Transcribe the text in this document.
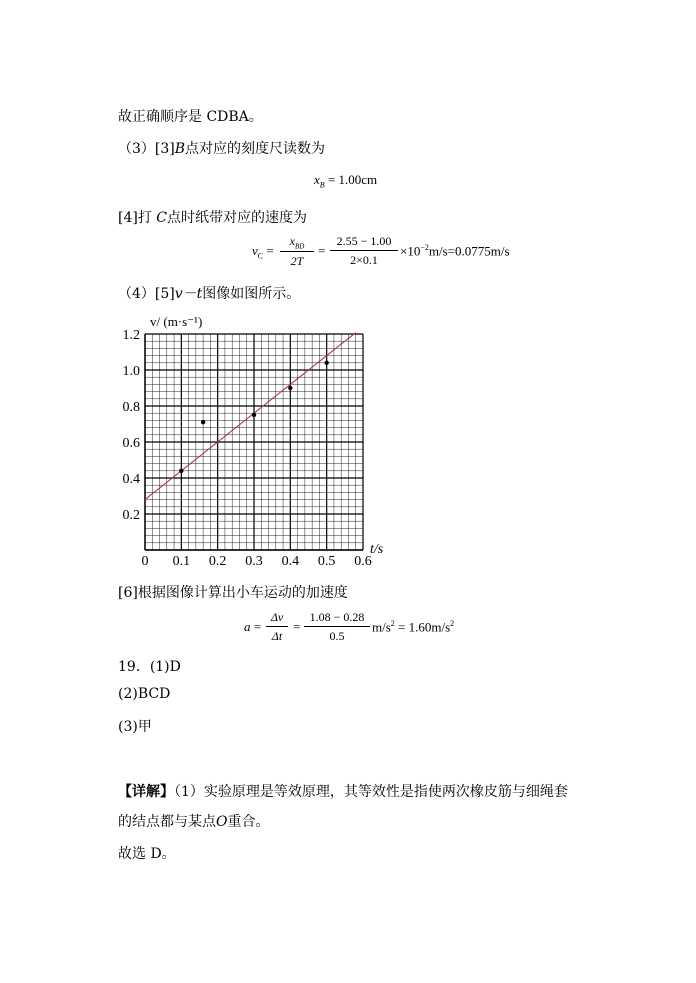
故正确顺序是 CDBA。
（3）[3]B点对应的刻度尺读数为
$x_B = 1.00cm$
[4]打 C点时纸带对应的速度为
$v_C$ =
$x_{BD}$
2T
= $\frac{2.55 - 1.00}{2\times 0.1} \times 10^{-2}m/s=0.0775m/s$
（4）[5]v－t图像如图所示。
0 0.1 0.2 0.3 0.4 0.5 0.6
0.2
0.4
0.6
0.8
1.0
1.2
t/s
v/ (m·s⁻¹)
[6]根据图像计算出小车运动的加速度
$a = \frac{\Delta v}{\Delta t} = \frac{1.08 - 0.28}{0.5} m/s^2 = 1.60m/s^2$
19．(1)D
(2)BCD
(3)甲
【详解】（1）实验原理是等效原理，其等效性是指使两次橡皮筋与细绳套
的结点都与某点O重合。
故选 D。
